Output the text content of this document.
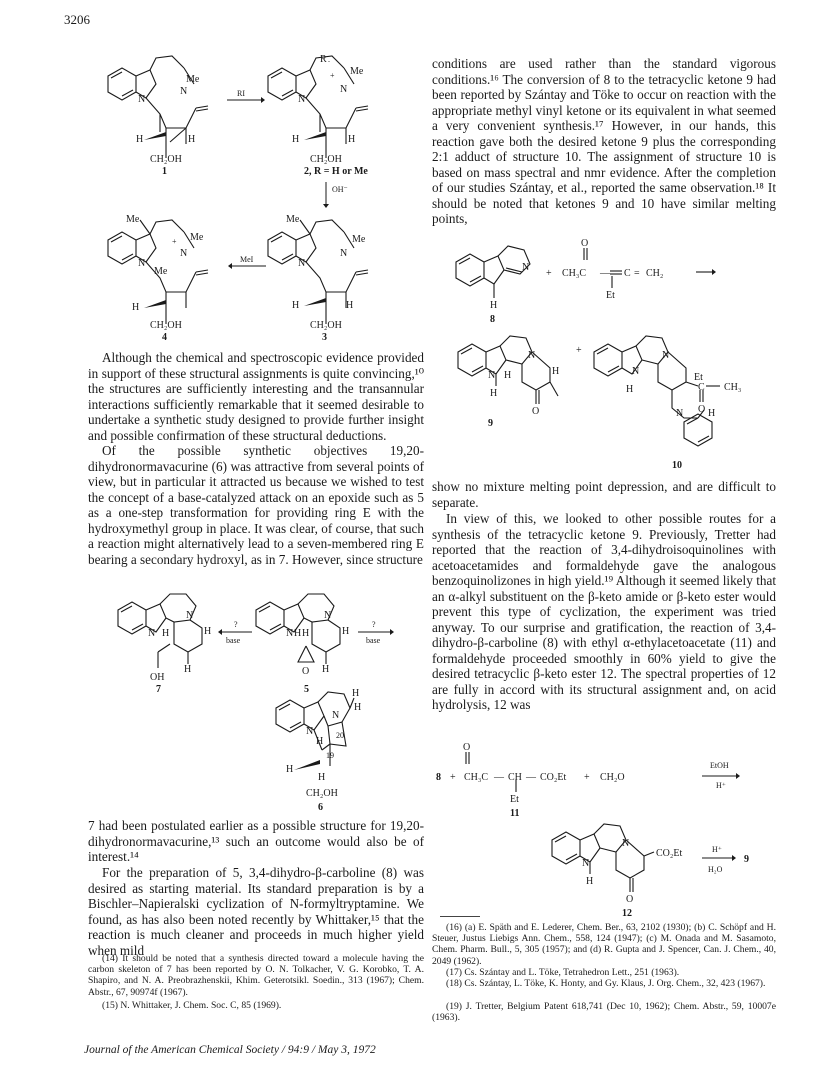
3206
Me
N
N
H	H
CH₂OH
1
RI
R .
Me
+
N
N
H	H
CH₂OH
2, R = H or Me
OH⁻
Me
Me
+
Me
N
N
H
CH₂OH
4
MeI
Me
Me
N
N
H	H
CH₂OH
3
Although the chemical and spectroscopic evidence provided in support of these structural assignments is quite convincing,¹⁰ the structures are sufficiently interesting and the transannular interactions sufficiently remarkable that it seemed desirable to undertake a synthetic study designed to provide further insight and possible confirmation of these structural deductions.
Of the possible synthetic objectives 19,20-dihydronormavacurine (6) was attractive from several points of view, but in particular it attracted us because we wished to test the concept of a base-catalyzed attack on an epoxide such as 5 as a one-step transformation for providing ring E with the hydroxymethyl group in place. It was clear, of course, that such a reaction might alternatively lead to a seven-membered ring E bearing a secondary hydroxyl, as in 7. However, since structure
N
N
H	H
H
OH
7
?
base
N
N
H H	H
H
O
5
?
base
N
N
H
H
H
H
H
20
19
CH₂OH
6
7 had been postulated earlier as a possible structure for 19,20-dihydronormavacurine,¹³ such an outcome would also be of interest.¹⁴
For the preparation of 5, 3,4-dihydro-β-carboline (8) was desired as starting material. Its standard preparation is by a Bischler–Napieralski cyclization of N-formyltryptamine. We found, as has also been noted recently by Whittaker,¹⁵ that the reaction is much cleaner and proceeds in much higher yield when mild
(14) It should be noted that a synthesis directed toward a molecule having the carbon skeleton of 7 has been reported by O. N. Tolkacher, V. G. Korobko, T. A. Shapiro, and N. A. Preobrazhenskii, Khim. Geterotsikl. Soedin., 313 (1967); Chem. Abstr., 67, 90974f (1967).
(15) N. Whittaker, J. Chem. Soc. C, 85 (1969).
conditions are used rather than the standard vigorous conditions.¹⁶ The conversion of 8 to the tetracyclic ketone 9 had been reported by Szántay and Töke to occur on reaction with the appropriate methyl vinyl ketone or its equivalent in what seemed a very convenient synthesis.¹⁷ However, in our hands, this reaction gave both the desired ketone 9 plus the corresponding 2:1 adduct of structure 10. The assignment of structure 10 is based on mass spectral and nmr evidence. After the completion of our studies Szántay, et al., reported the same observation.¹⁸ It should be noted that ketones 9 and 10 have similar melting points,
N
H
8
+
O
CH₃C — C = CH₂
Et
N
N H	H
H
O
9
+
N
N
Et
C CH₃
O
N H
H
10
show no mixture melting point depression, and are difficult to separate.
In view of this, we looked to other possible routes for a synthesis of the tetracyclic ketone 9. Previously, Tretter had reported that the reaction of 3,4-dihydroisoquinolines with acetoacetamides and formaldehyde gave the analogous benzoquinolizones in high yield.¹⁹ Although it seemed likely that an α-alkyl substituent on the β-keto amide or β-keto ester would prevent this type of cyclization, the experiment was tried anyway. To our surprise and gratification, the reaction of 3,4-dihydro-β-carboline (8) with ethyl α-ethylacetoacetate (11) and formaldehyde proceeded smoothly in 60% yield to give the desired tetracyclic β-keto ester 12. The spectral properties of 12 are fully in accord with its structural assignment and, on acid hydrolysis, 12 was
8 +
O
CH₃C — CH — CO₂Et + CH₂O
EtOH
H⁺
Et
11
N
N
CO₂Et
H
O
12
H⁺
H₂O
9
(16) (a) E. Späth and E. Lederer, Chem. Ber., 63, 2102 (1930); (b) C. Schöpf and H. Steuer, Justus Liebigs Ann. Chem., 558, 124 (1947); (c) M. Onada and M. Sasamoto, Chem. Pharm. Bull., 5, 305 (1957); and (d) R. Gupta and J. Spencer, Can. J. Chem., 40, 2049 (1962).
(17) Cs. Szántay and L. Töke, Tetrahedron Lett., 251 (1963).
(18) Cs. Szántay, L. Töke, K. Honty, and Gy. Klaus, J. Org. Chem., 32, 423 (1967).
(19) J. Tretter, Belgium Patent 618,741 (Dec 10, 1962); Chem. Abstr., 59, 10007e (1963).
Journal of the American Chemical Society / 94:9 / May 3, 1972
